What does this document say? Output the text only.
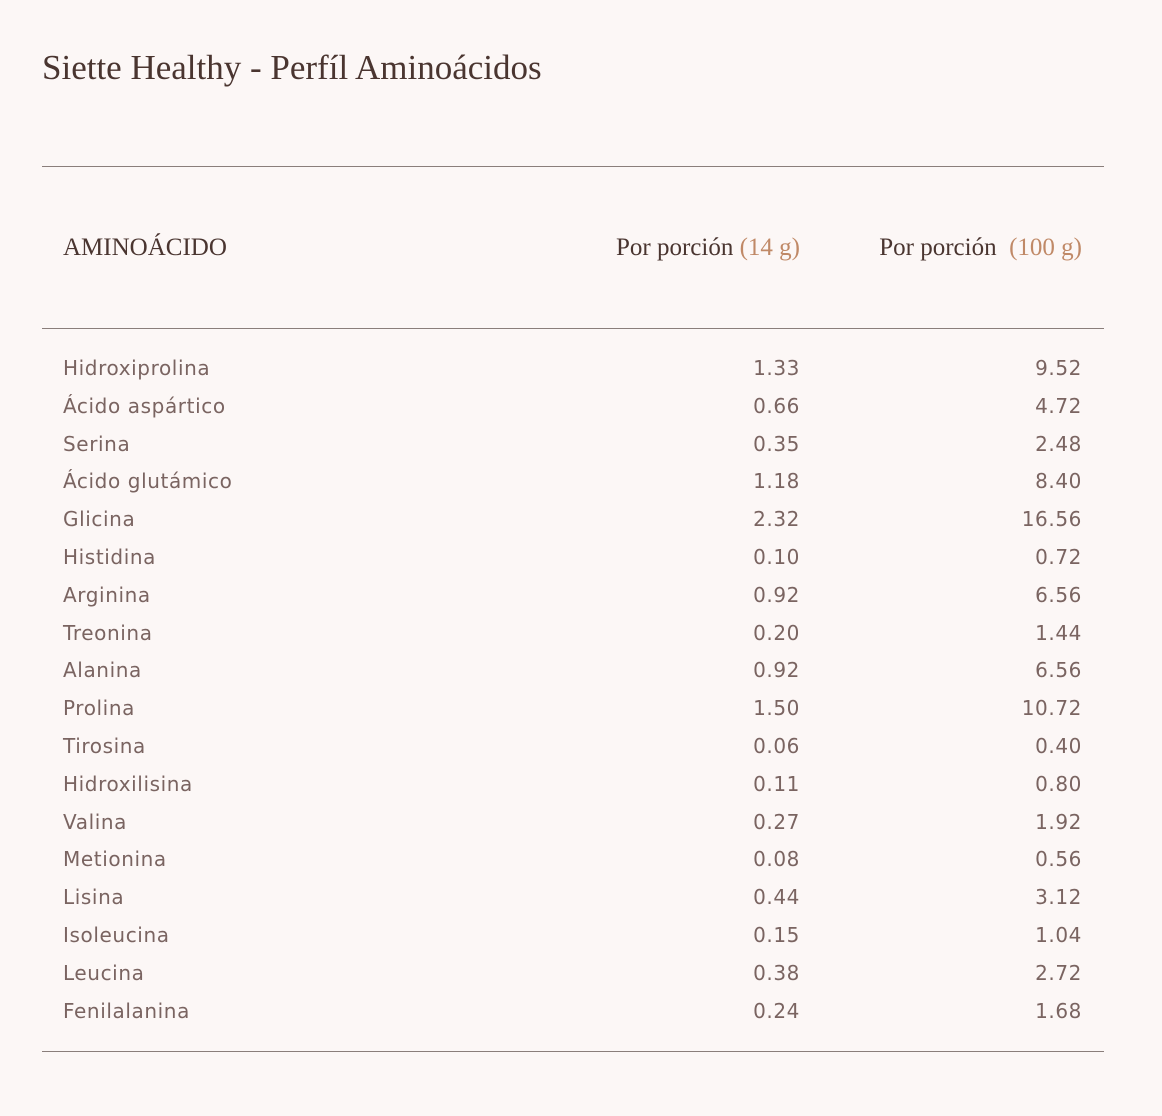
Siette Healthy - Perfíl Aminoácidos
AMINOÁCIDO	Por porción (14 g)	Por porción (100 g)
Hidroxiprolina	1.33	9.52
Ácido aspártico	0.66	4.72
Serina	0.35	2.48
Ácido glutámico	1.18	8.40
Glicina	2.32	16.56
Histidina	0.10	0.72
Arginina	0.92	6.56
Treonina	0.20	1.44
Alanina	0.92	6.56
Prolina	1.50	10.72
Tirosina	0.06	0.40
Hidroxilisina	0.11	0.80
Valina	0.27	1.92
Metionina	0.08	0.56
Lisina	0.44	3.12
Isoleucina	0.15	1.04
Leucina	0.38	2.72
Fenilalanina	0.24	1.68
